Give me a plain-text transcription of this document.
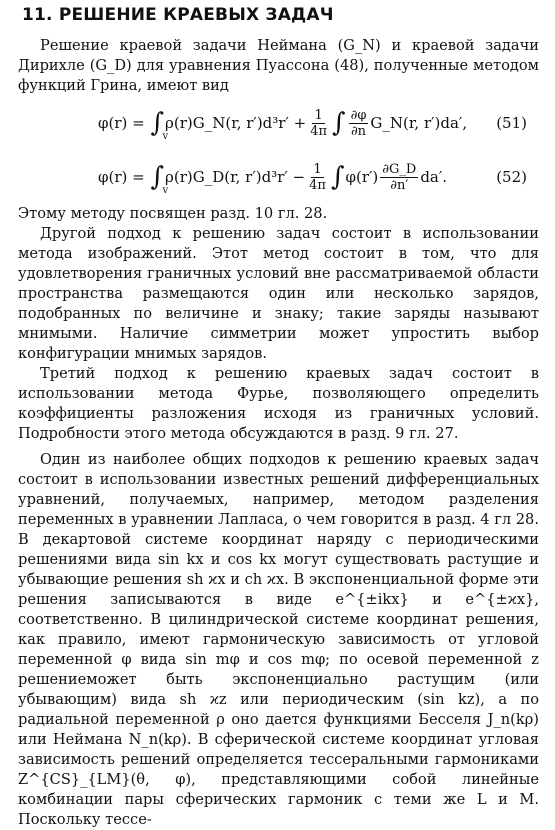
11. РЕШЕНИЕ КРАЕВЫХ ЗАДАЧ

Решение краевой задачи Неймана (G_N) и краевой задачи Дирихле (G_D) для уравнения Пуассона (48), полученные методом функций Грина, имеют вид

φ(r) =
∫
v
ρ(r)G_N(r, $r')d^3r' + \frac{1}{4\pi}$ ∫ $\frac{\partial\varphi}{\partial n}$ G_N(r, r′)da′, (51)
φ(r) =
∫
v
ρ(r)G_D(r, $r')d^3r' - \frac{1}{4\pi}$ ∫ $\varphi(r') \frac{\partial G\_D}{\partial n'} da'$.	(52)

Этому методу посвящен разд. 10 гл. 28.

Другой подход к решению задач состоит в использовании метода изображений. Этот метод состоит в том, что для удовлетворения граничных условий вне рассматриваемой области пространства размещаются один или несколько зарядов, подобранных по величине и знаку; такие заряды называют мнимыми. Наличие симметрии может упростить выбор конфигурации мнимых зарядов.

Третий подход к решению краевых задач состоит в использовании метода Фурье, позволяющего определить коэффициенты разложения исходя из граничных условий. Подробности этого метода обсуждаются в разд. 9 гл. 27.

Один из наиболее общих подходов к решению краевых задач состоит в использовании известных решений дифференциальных уравнений, получаемых, например, методом разделения переменных в уравнении Лапласа, о чем говорится в разд. 4 гл 28. В декартовой системе координат наряду с периодическими решениями вида sin kx и cos kx могут существовать растущие и убывающие решения sh ϰx и ch ϰx. В экспоненциальной форме эти решения записываются в виде e^{±ikx} и e^{±ϰx}, соответственно. В цилиндрической системе координат решения, как правило, имеют гармоническую зависимость от угловой переменной φ вида sin mφ и cos mφ; по осевой переменной z решениеможет быть экспоненциально растущим (или убывающим) вида sh ϰz или периодическим (sin kz), а по радиальной переменной ρ оно дается функциями Бесселя J_n(kρ) или Неймана N_n(kρ). В сферической системе координат угловая зависимость решений определяется тессеральными гармониками Z^{CS}_{LM}(θ, φ), представляющими собой линейные комбинации пары сферических гармоник с теми же L и M. Поскольку тессе-
